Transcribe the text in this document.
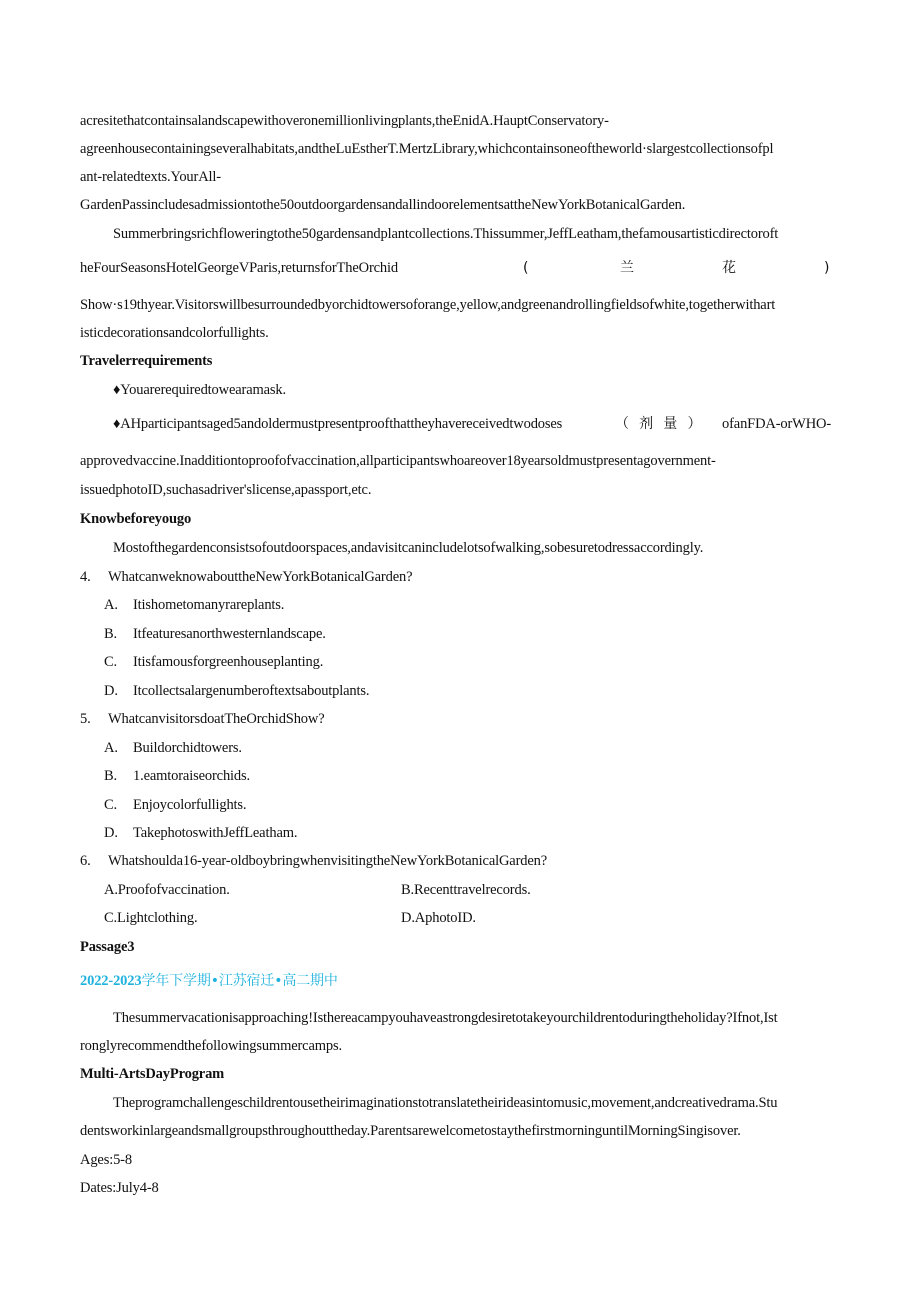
acresitethatcontainsalandscapewithoveronemillionlivingplants,theEnidA.HauptConservatory-
agreenhousecontainingseveralhabitats,andtheLuEstherT.MertzLibrary,whichcontainsoneoftheworld·slargestcollectionsofpl
ant-relatedtexts.YourAll-
GardenPassincludesadmissiontothe50outdoorgardensandallindoorelementsattheNewYorkBotanicalGarden.
Summerbringsrichfloweringtothe50gardensandplantcollections.Thissummer,JeffLeatham,thefamousartisticdirectoroft
heFourSeasonsHotelGeorgeVParis,returnsforTheOrchid	(	兰	花	)
Show·s19thyear.Visitorswillbesurroundedbyorchidtowersoforange,yellow,andgreenandrollingfieldsofwhite,togetherwithart
isticdecorationsandcolorfullights.
Travelerrequirements
♦Youarerequiredtowearamask.
♦AHparticipantsaged5andoldermustpresentproofthattheyhavereceivedtwodoses	（ 剂 量 ） ofanFDA-orWHO-
approvedvaccine.Inadditiontoproofofvaccination,allparticipantswhoareover18yearsoldmustpresentagovernment-
issuedphotoID,suchasadriver'slicense,apassport,etc.
Knowbeforeyougo
Mostofthegardenconsistsofoutdoorspaces,andavisitcanincludelotsofwalking,sobesuretodressaccordingly.
4. WhatcanweknowabouttheNewYorkBotanicalGarden?
A. Itishometomanyrareplants.
B. Itfeaturesanorthwesternlandscape.
C. Itisfamousforgreenhouseplanting.
D. Itcollectsalargenumberoftextsaboutplants.
5. WhatcanvisitorsdoatTheOrchidShow?
A. Buildorchidtowers.
B. 1.eamtoraiseorchids.
C. Enjoycolorfullights.
D. TakephotoswithJeffLeatham.
6. Whatshoulda16-year-oldboybringwhenvisitingtheNewYorkBotanicalGarden?
A.Proofofvaccination.	B.Recenttravelrecords.
C.Lightclothing.	D.AphotoID.
Passage3
2022-2023学年下学期•江苏宿迁•高二期中
Thesummervacationisapproaching!Isthereacampyouhaveastrongdesiretotakeyourchildrentoduringtheholiday?Ifnot,Ist
ronglyrecommendthefollowingsummercamps.
Multi-ArtsDayProgram
Theprogramchallengeschildrentousetheirimaginationstotranslatetheirideasintomusic,movement,andcreativedrama.Stu
dentsworkinlargeandsmallgroupsthroughouttheday.ParentsarewelcometostaythefirstmorninguntilMorningSingisover.
Ages:5-8
Dates:July4-8
